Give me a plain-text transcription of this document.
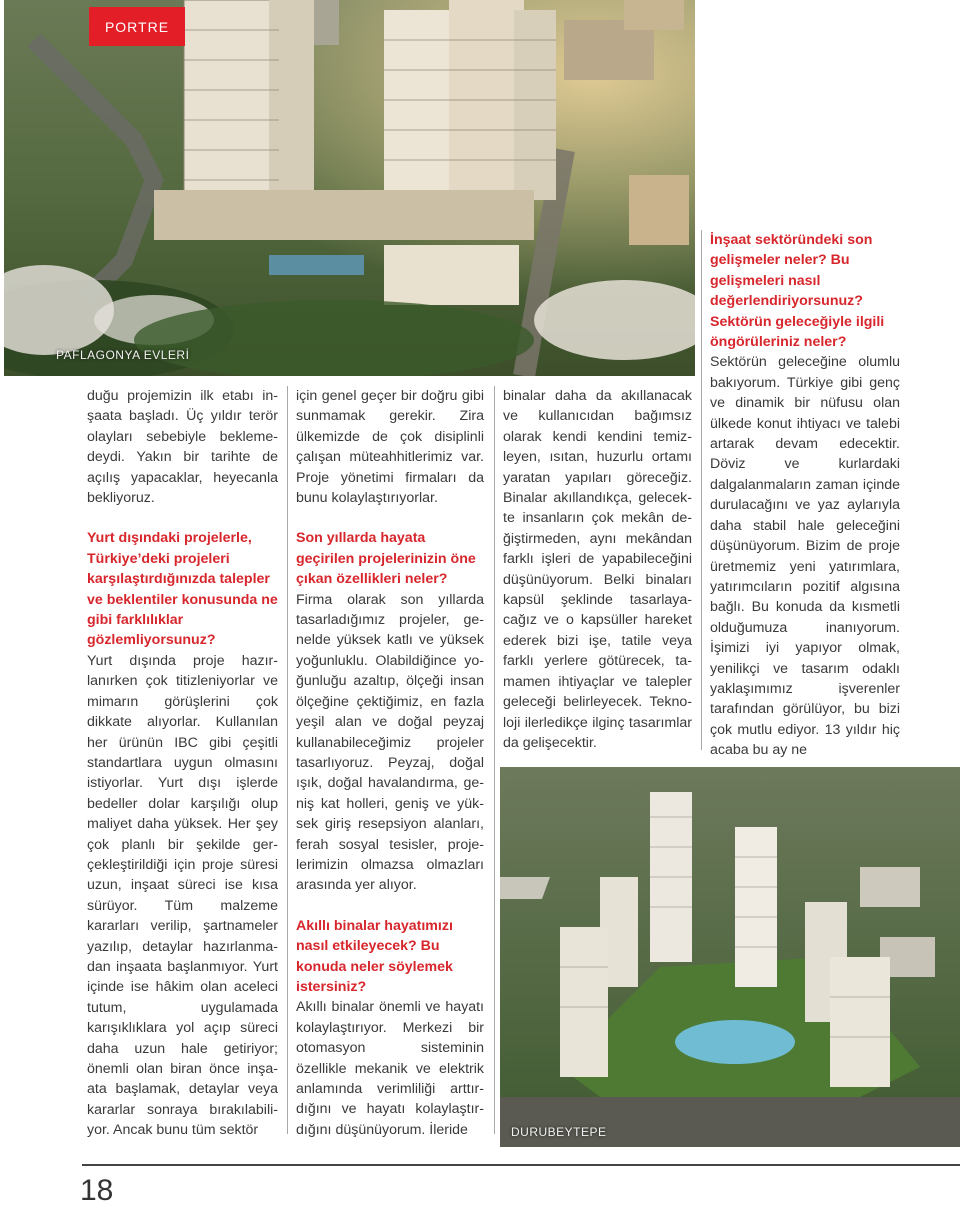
PAFLAGONYA EVLERİ
PORTRE

duğu projemizin ilk etabı inşaata başladı. Üç yıldır terör olayları sebebiyle beklemedeydi. Yakın bir tarihte de açılış yapacaklar, heyecanla bekliyoruz.

Yurt dışındaki projelerle, Türkiye’deki projeleri karşılaştırdığınızda talepler ve beklentiler konusunda ne gibi farklılıklar gözlemliyorsunuz?

Yurt dışında proje hazırlanırken çok titizleniyorlar ve mimarın görüşlerini çok dikkate alıyorlar. Kullanılan her ürünün IBC gibi çeşitli standartlara uygun olmasını istiyorlar. Yurt dışı işlerde bedeller dolar karşılığı olup maliyet daha yüksek. Her şey çok planlı bir şekilde gerçekleştirildiği için proje süresi uzun, inşaat süreci ise kısa sürüyor. Tüm malzeme kararları verilip, şartnameler yazılıp, detaylar hazırlanmadan inşaata başlanmıyor. Yurt içinde ise hâkim olan aceleci tutum, uygulamada karışıklıklara yol açıp süreci daha uzun hale getiriyor; önemli olan biran önce inşaata başlamak, detaylar veya kararlar sonraya bırakılabiliyor. Ancak bunu tüm sektör

için genel geçer bir doğru gibi sunmamak gerekir. Zira ülkemizde de çok disiplinli çalışan müteahhitlerimiz var. Proje yönetimi firmaları da bunu kolaylaştırıyorlar.

Son yıllarda hayata geçirilen projelerinizin öne çıkan özellikleri neler?

Firma olarak son yıllarda tasarladığımız projeler, genelde yüksek katlı ve yüksek yoğunluklu. Olabildiğince yoğunluğu azaltıp, ölçeği insan ölçeğine çektiğimiz, en fazla yeşil alan ve doğal peyzaj kullanabileceğimiz projeler tasarlıyoruz. Peyzaj, doğal ışık, doğal havalandırma, geniş kat holleri, geniş ve yüksek giriş resepsiyon alanları, ferah sosyal tesisler, projelerimizin olmazsa olmazları arasında yer alıyor.

Akıllı binalar hayatımızı nasıl etkileyecek? Bu konuda neler söylemek istersiniz?

Akıllı binalar önemli ve hayatı kolaylaştırıyor. Merkezi bir otomasyon sisteminin özellikle mekanik ve elektrik anlamında verimliliği arttırdığını ve hayatı kolaylaştırdığını düşünüyorum. İleride

binalar daha da akıllanacak ve kullanıcıdan bağımsız olarak kendi kendini temizleyen, ısıtan, huzurlu ortamı yaratan yapıları göreceğiz. Binalar akıllandıkça, gelecekte insanların çok mekân değiştirmeden, aynı mekândan farklı işleri de yapabileceğini düşünüyorum. Belki binaları kapsül şeklinde tasarlayacağız ve o kapsüller hareket ederek bizi işe, tatile veya farklı yerlere götürecek, tamamen ihtiyaçlar ve talepler geleceği belirleyecek. Teknoloji ilerledikçe ilginç tasarımlar da gelişecektir.

İnşaat sektöründeki son gelişmeler neler? Bu gelişmeleri nasıl değerlendiriyorsunuz? Sektörün geleceğiyle ilgili öngörüleriniz neler?

Sektörün geleceğine olumlu bakıyorum. Türkiye gibi genç ve dinamik bir nüfusu olan ülkede konut ihtiyacı ve talebi artarak devam edecektir. Döviz ve kurlardaki dalgalanmaların zaman içinde durulacağını ve yaz aylarıyla daha stabil hale geleceğini düşünüyorum. Bizim de proje üretmemiz yeni yatırımlara, yatırımcıların pozitif algısına bağlı. Bu konuda da kısmetli olduğumuza inanıyorum. İşimizi iyi yapıyor olmak, yenilikçi ve tasarım odaklı yaklaşımımız işverenler tarafından görülüyor, bu bizi çok mutlu ediyor. 13 yıldır hiç acaba bu ay ne

DURUBEYTEPE
18
